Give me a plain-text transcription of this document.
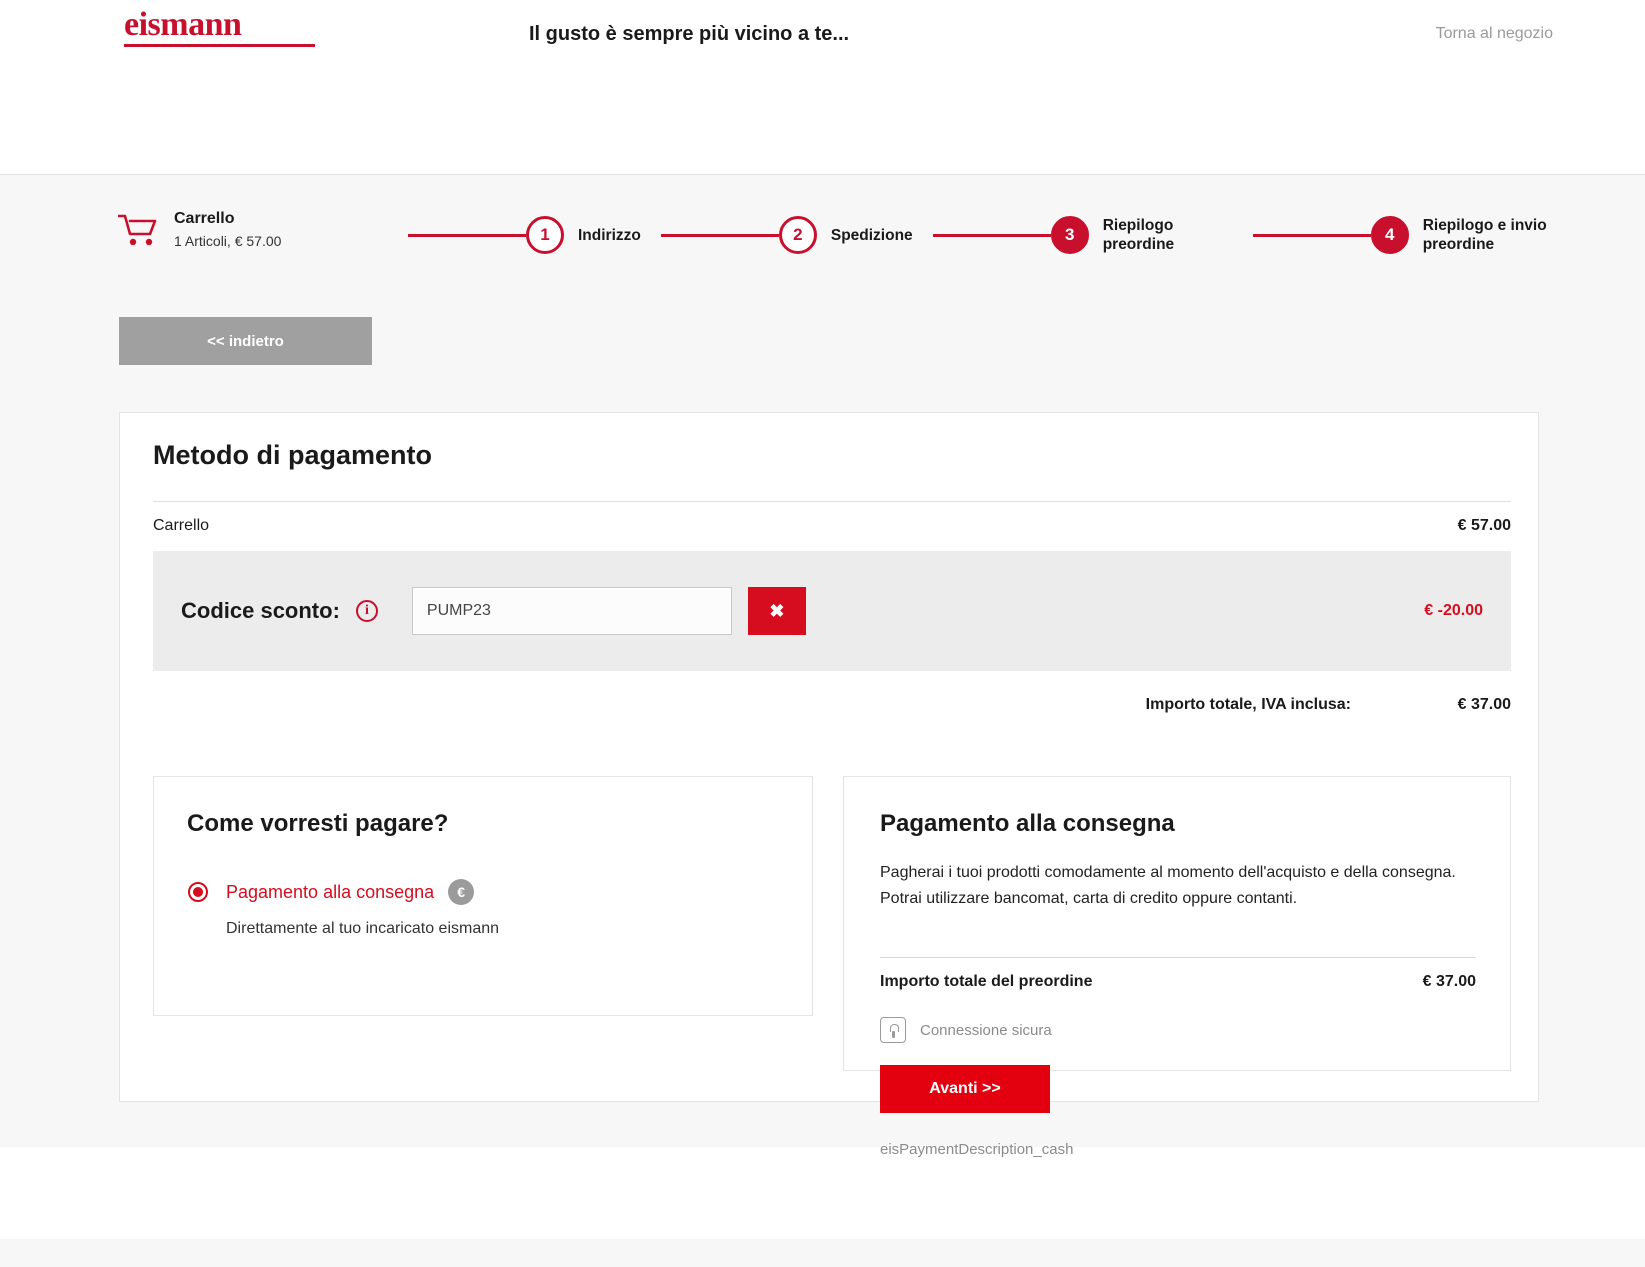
eismann	Il gusto è sempre più vicino a te...	Torna al negozio
Carrello
1 Articoli, € 57.00	1	Indirizzo	2	Spedizione	3	Riepilogo preordine
4	Riepilogo e invio preordine
<< indietro
Metodo di pagamento
Carrello	€ 57.00
Codice sconto:	i
PUMP23	✖	€ -20.00
Importo totale, IVA inclusa:	€ 37.00
Come vorresti pagare?
Pagamento alla consegna	€
Direttamente al tuo incaricato eismann
Pagamento alla consegna
Pagherai i tuoi prodotti comodamente al momento dell'acquisto e della consegna. Potrai utilizzare bancomat, carta di credito oppure contanti.
Importo totale del preordine	€ 37.00
Connessione sicura
Avanti >>
eisPaymentDescription_cash
